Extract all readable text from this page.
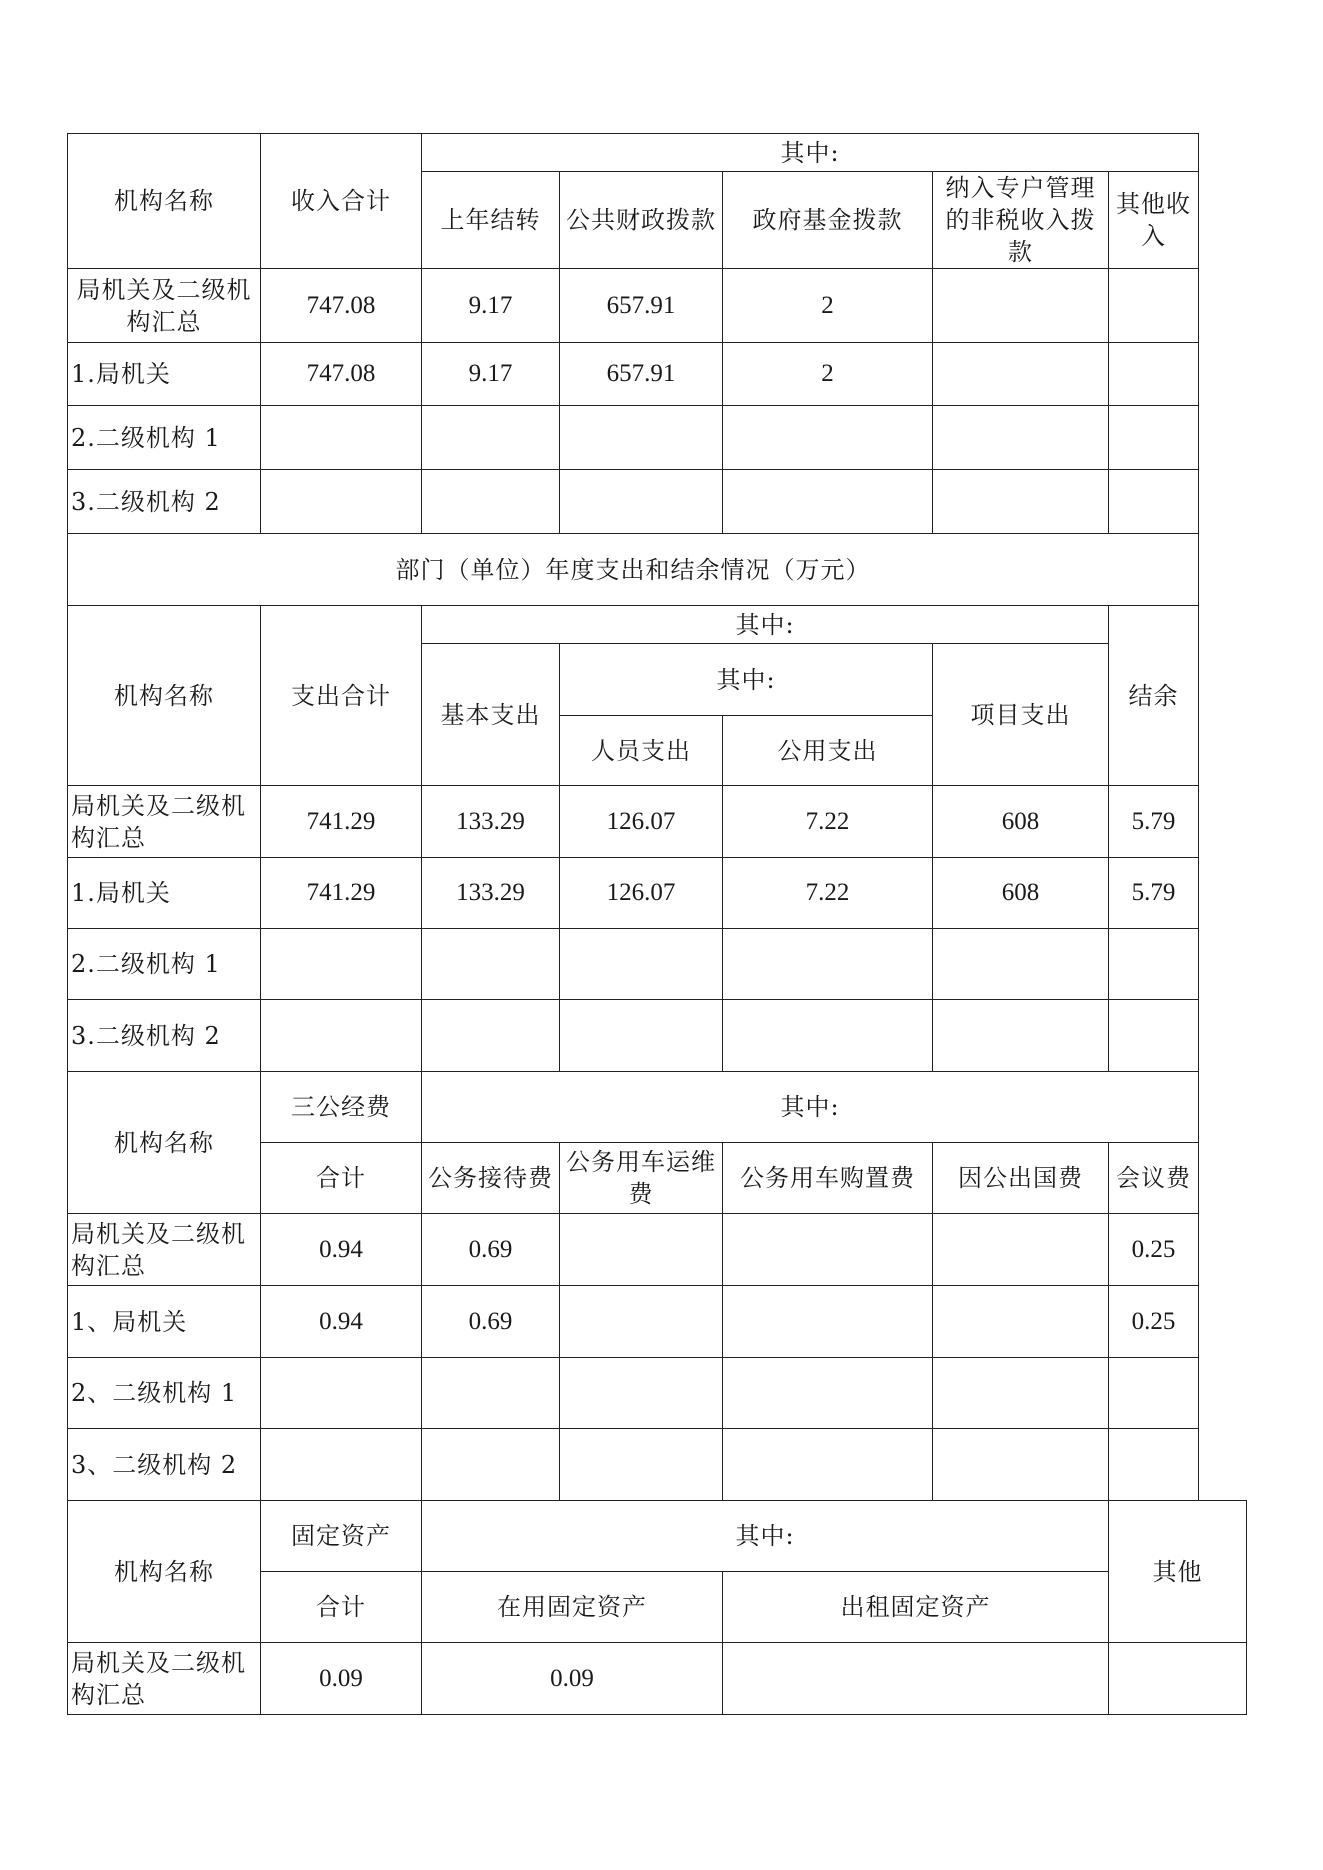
机构名称	收入合计	其中:				
		上年结转	公共财政拨款	政府基金拨款	纳入专户管理的非税收入拨款	其他收入
局机关及二级机构汇总	747.08	9.17	657.91	2		
1.局机关	747.08	9.17	657.91	2		
2.二级机构 1						
3.二级机构 2						
部门（单位）年度支出和结余情况（万元）						
机构名称	支出合计	其中:				结余
		基本支出	其中:		项目支出	
			人员支出	公用支出		
局机关及二级机构汇总	741.29	133.29	126.07	7.22	608	5.79
1.局机关	741.29	133.29	126.07	7.22	608	5.79
2.二级机构 1						
3.二级机构 2						
机构名称	三公经费	其中:				
	合计	公务接待费	公务用车运维费	公务用车购置费	因公出国费	会议费
局机关及二级机构汇总	0.94	0.69				0.25
1、局机关	0.94	0.69				0.25
2、二级机构 1						
3、二级机构 2						
机构名称	固定资产	其中:				其他
	合计	在用固定资产		出租固定资产		
局机关及二级机构汇总	0.09	0.09				
